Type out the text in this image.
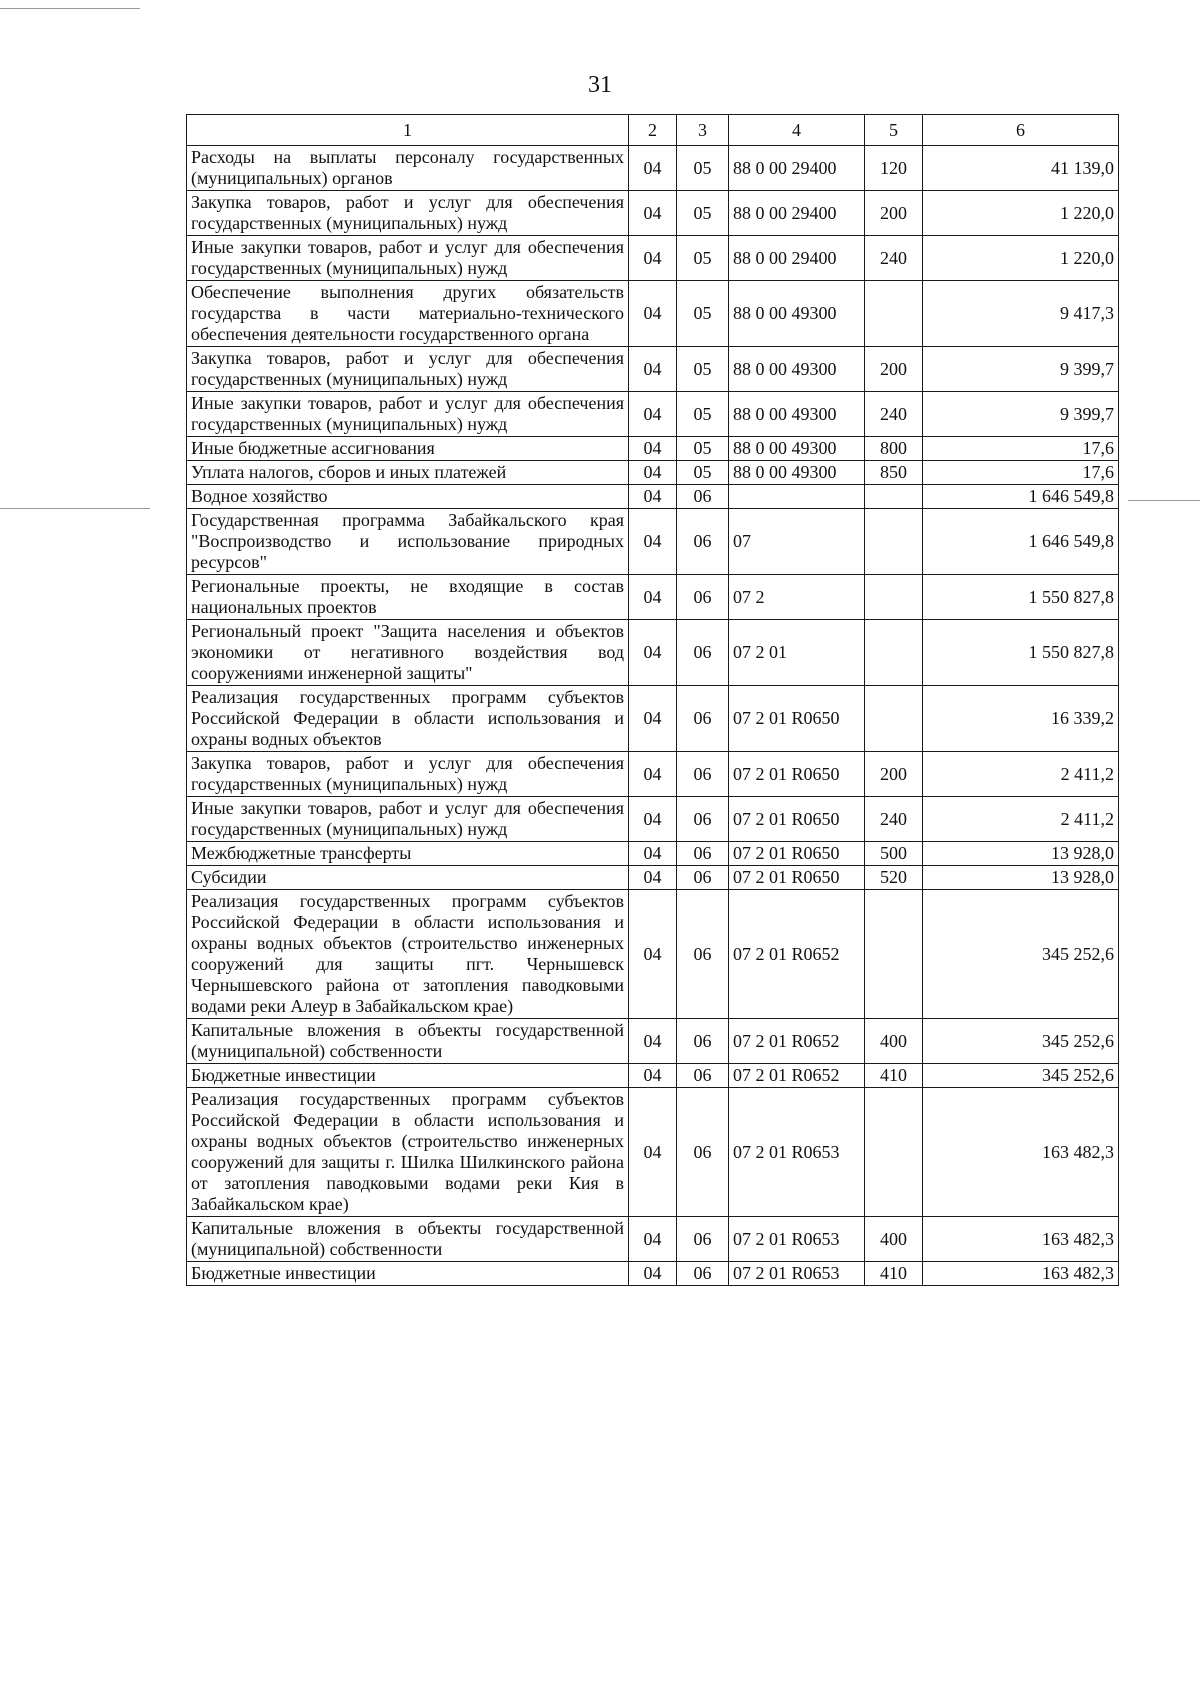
31
1	2	3	4	5	6
Расходы на выплаты персоналу государственных (муниципальных) органов	04	05	88 0 00 29400	120	41 139,0
Закупка товаров, работ и услуг для обеспечения государственных (муниципальных) нужд	04	05	88 0 00 29400	200	1 220,0
Иные закупки товаров, работ и услуг для обеспечения государственных (муниципальных) нужд	04	05	88 0 00 29400	240	1 220,0
Обеспечение выполнения других обязательств государства в части материально-технического обеспечения деятельности государственного органа	04	05	88 0 00 49300		9 417,3
Закупка товаров, работ и услуг для обеспечения государственных (муниципальных) нужд	04	05	88 0 00 49300	200	9 399,7
Иные закупки товаров, работ и услуг для обеспечения государственных (муниципальных) нужд	04	05	88 0 00 49300	240	9 399,7
Иные бюджетные ассигнования	04	05	88 0 00 49300	800	17,6
Уплата налогов, сборов и иных платежей	04	05	88 0 00 49300	850	17,6
Водное хозяйство	04	06			1 646 549,8
Государственная программа Забайкальского края "Воспроизводство и использование природных ресурсов"	04	06	07		1 646 549,8
Региональные проекты, не входящие в состав национальных проектов	04	06	07 2		1 550 827,8
Региональный проект "Защита населения и объектов экономики от негативного воздействия вод сооружениями инженерной защиты"	04	06	07 2 01		1 550 827,8
Реализация государственных программ субъектов Российской Федерации в области использования и охраны водных объектов	04	06	07 2 01 R0650		16 339,2
Закупка товаров, работ и услуг для обеспечения государственных (муниципальных) нужд	04	06	07 2 01 R0650	200	2 411,2
Иные закупки товаров, работ и услуг для обеспечения государственных (муниципальных) нужд	04	06	07 2 01 R0650	240	2 411,2
Межбюджетные трансферты	04	06	07 2 01 R0650	500	13 928,0
Субсидии	04	06	07 2 01 R0650	520	13 928,0
Реализация государственных программ субъектов Российской Федерации в области использования и охраны водных объектов (строительство инженерных сооружений для защиты пгт. Чернышевск Чернышевского района от затопления паводковыми водами реки Алеур в Забайкальском крае)	04	06	07 2 01 R0652		345 252,6
Капитальные вложения в объекты государственной (муниципальной) собственности	04	06	07 2 01 R0652	400	345 252,6
Бюджетные инвестиции	04	06	07 2 01 R0652	410	345 252,6
Реализация государственных программ субъектов Российской Федерации в области использования и охраны водных объектов (строительство инженерных сооружений для защиты г. Шилка Шилкинского района от затопления паводковыми водами реки Кия в Забайкальском крае)	04	06	07 2 01 R0653		163 482,3
Капитальные вложения в объекты государственной (муниципальной) собственности	04	06	07 2 01 R0653	400	163 482,3
Бюджетные инвестиции	04	06	07 2 01 R0653	410	163 482,3
